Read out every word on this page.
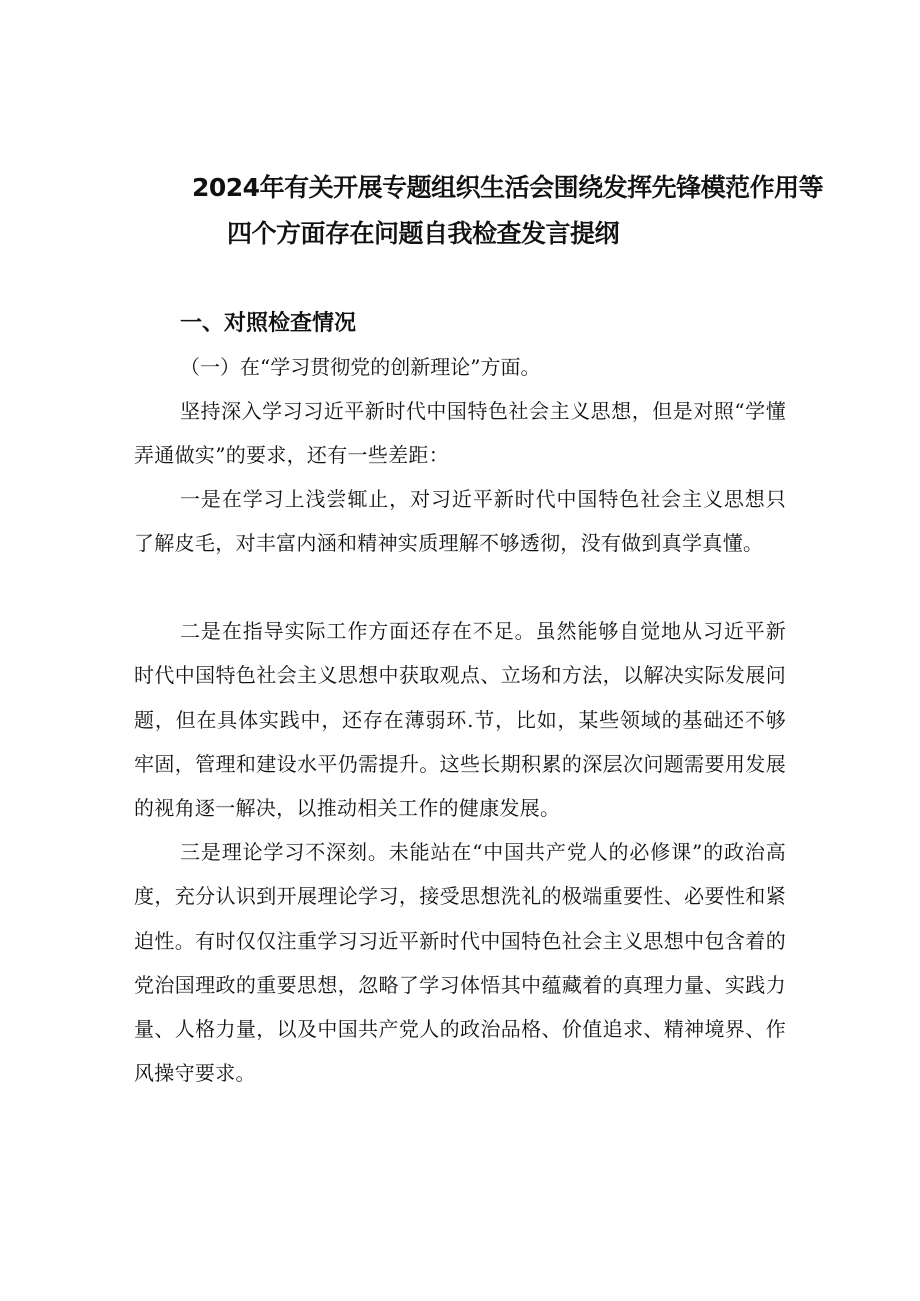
2024年有关开展专题组织生活会围绕发挥先锋模范作用等
四个方面存在问题自我检查发言提纲
一、对照检查情况
（一）在“学习贯彻党的创新理论”方面。

坚持深入学习习近平新时代中国特色社会主义思想，但是对照“学懂弄通做实”的要求，还有一些差距：

一是在学习上浅尝辄止，对习近平新时代中国特色社会主义思想只了解皮毛，对丰富内涵和精神实质理解不够透彻，没有做到真学真懂。

二是在指导实际工作方面还存在不足。虽然能够自觉地从习近平新时代中国特色社会主义思想中获取观点、立场和方法，以解决实际发展问题，但在具体实践中，还存在薄弱环.节，比如，某些领域的基础还不够牢固，管理和建设水平仍需提升。这些长期积累的深层次问题需要用发展的视角逐一解决，以推动相关工作的健康发展。

三是理论学习不深刻。未能站在“中国共产党人的必修课”的政治高度，充分认识到开展理论学习，接受思想洗礼的极端重要性、必要性和紧迫性。有时仅仅注重学习习近平新时代中国特色社会主义思想中包含着的党治国理政的重要思想，忽略了学习体悟其中蕴藏着的真理力量、实践力量、人格力量，以及中国共产党人的政治品格、价值追求、精神境界、作风操守要求。
